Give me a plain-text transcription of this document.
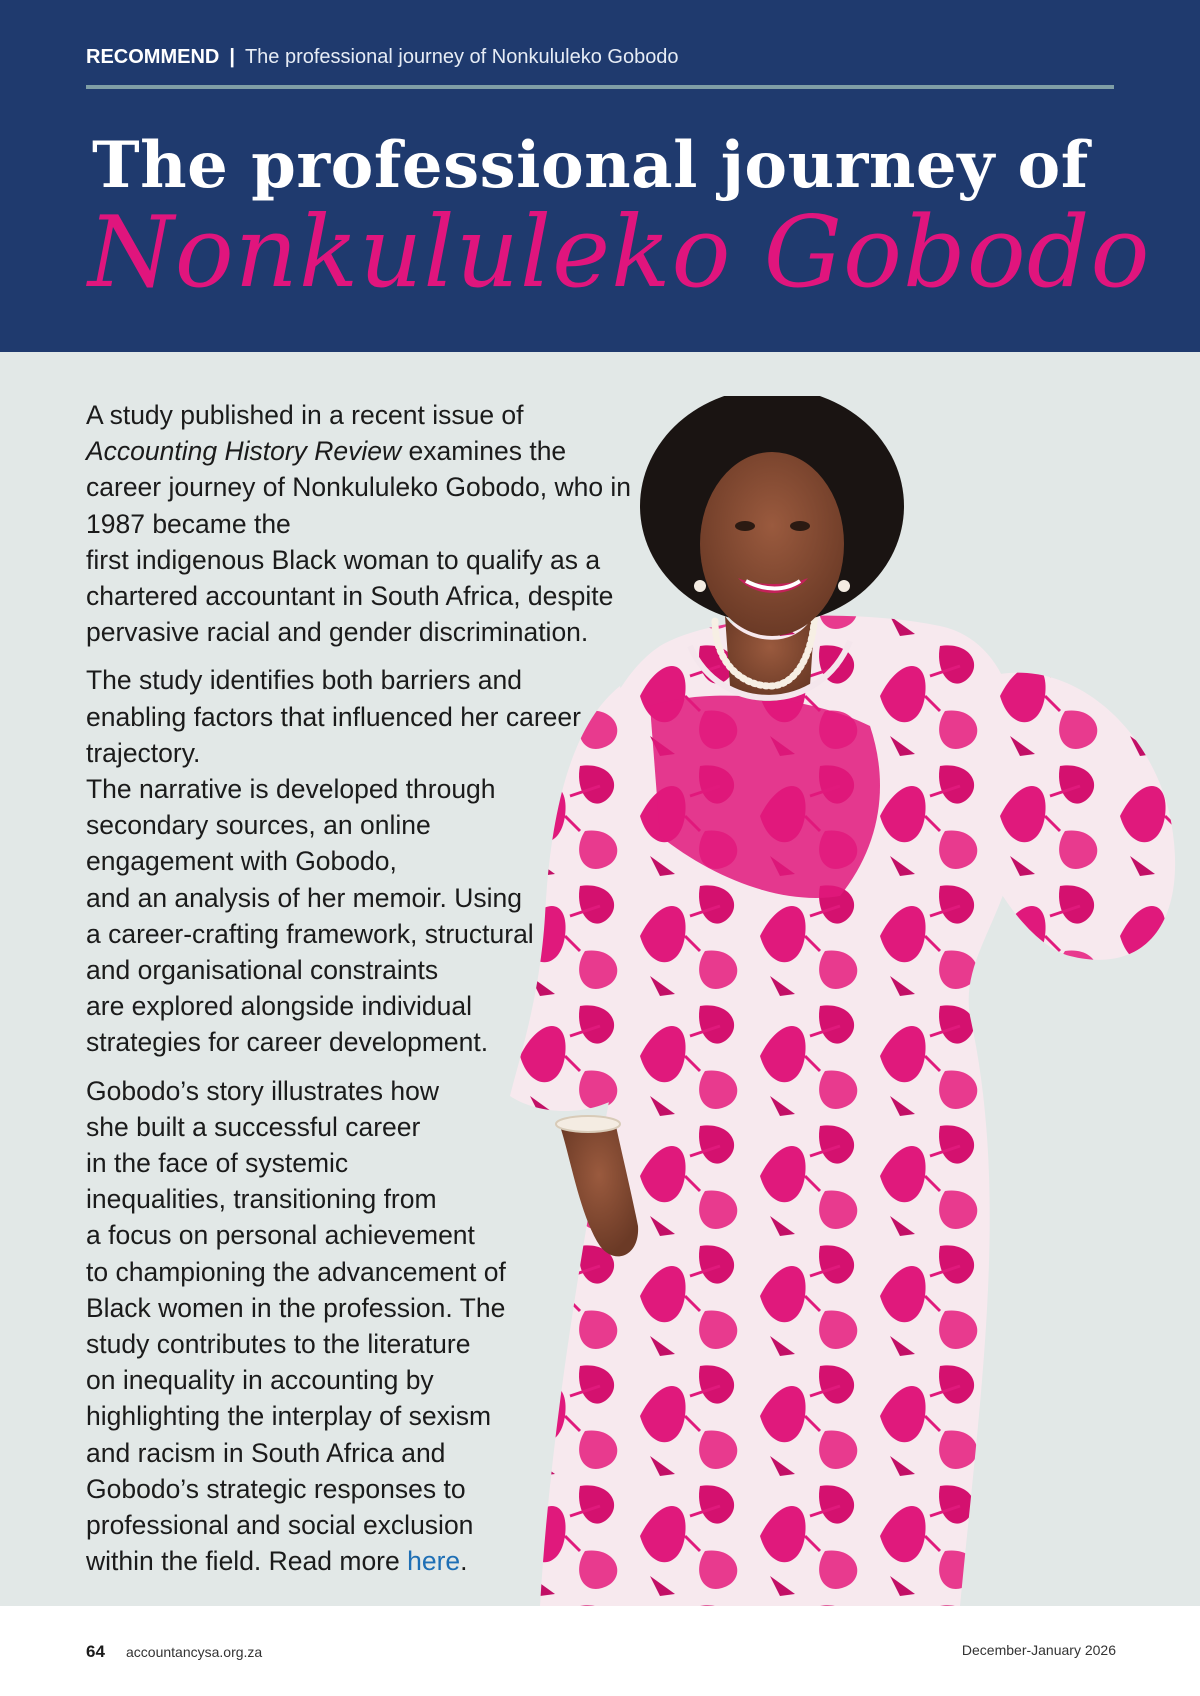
RECOMMEND | The professional journey of Nonkululeko Gobodo
The professional journey of
Nonkululeko Gobodo
A study published in a recent issue of
Accounting History Review examines the
career journey of Nonkululeko Gobodo, who in
1987 became the
first indigenous Black woman to qualify as a
chartered accountant in South Africa, despite
pervasive racial and gender discrimination.
The study identifies both barriers and
enabling factors that influenced her career
trajectory.
The narrative is developed through
secondary sources, an online
engagement with Gobodo,
and an analysis of her memoir. Using
a career-crafting framework, structural
and organisational constraints
are explored alongside individual
strategies for career development.
Gobodo’s story illustrates how
she built a successful career
in the face of systemic
inequalities, transitioning from
a focus on personal achievement
to championing the advancement of
Black women in the profession. The
study contributes to the literature
on inequality in accounting by
highlighting the interplay of sexism
and racism in South Africa and
Gobodo’s strategic responses to
professional and social exclusion
within the field. Read more here.
64 accountancysa.org.za	December-January 2026
